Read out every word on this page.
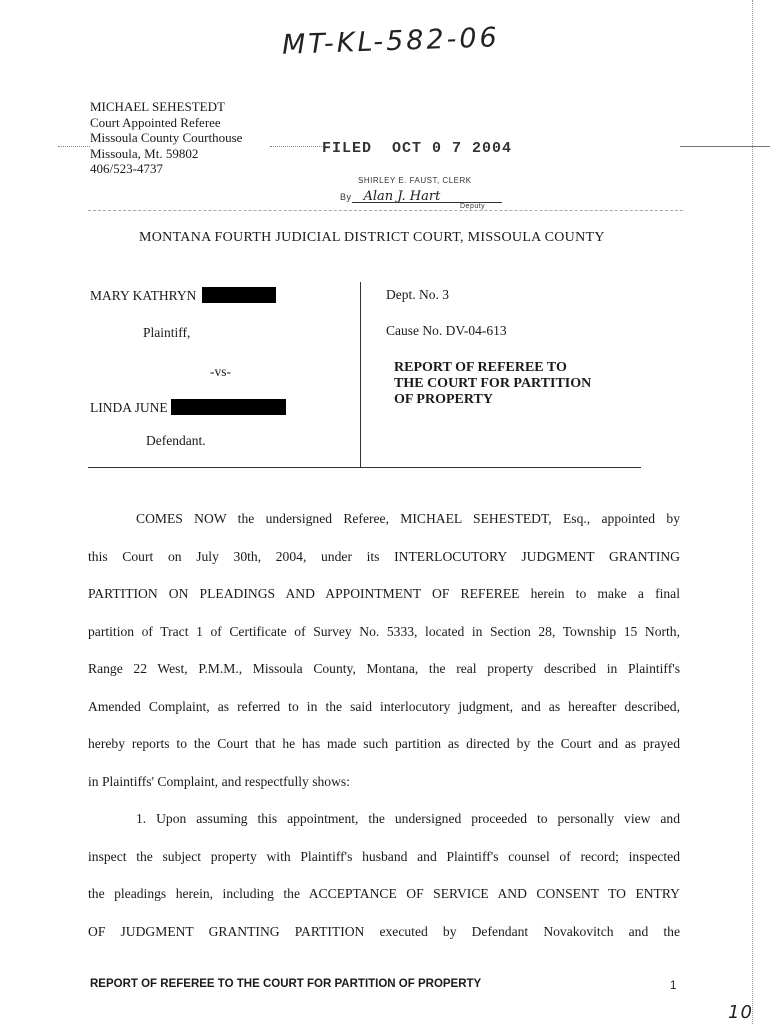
MT-KL-582-06
MICHAEL SEHESTEDT
Court Appointed Referee
Missoula County Courthouse
Missoula, Mt. 59802
406/523-4737
FILED OCT 0 7 2004
SHIRLEY E. FAUST, CLERK
By Alan J. Hart
Deputy
MONTANA FOURTH JUDICIAL DISTRICT COURT, MISSOULA COUNTY
MARY KATHRYN
Plaintiff,
-vs-
LINDA JUNE
Defendant.
Dept. No. 3
Cause No. DV-04-613
REPORT OF REFEREE TO
THE COURT FOR PARTITION
OF PROPERTY
COMES NOW the undersigned Referee, MICHAEL SEHESTEDT, Esq., appointed by
this Court on July 30th, 2004, under its INTERLOCUTORY JUDGMENT GRANTING
PARTITION ON PLEADINGS AND APPOINTMENT OF REFEREE herein to make a final
partition of Tract 1 of Certificate of Survey No. 5333, located in Section 28, Township 15 North,
Range 22 West, P.M.M., Missoula County, Montana, the real property described in Plaintiff's
Amended Complaint, as referred to in the said interlocutory judgment, and as hereafter described,
hereby reports to the Court that he has made such partition as directed by the Court and as prayed
in Plaintiffs' Complaint, and respectfully shows:
1. Upon assuming this appointment, the undersigned proceeded to personally view and
inspect the subject property with Plaintiff's husband and Plaintiff's counsel of record; inspected
the pleadings herein, including the ACCEPTANCE OF SERVICE AND CONSENT TO ENTRY
OF JUDGMENT GRANTING PARTITION executed by Defendant Novakovitch and the
REPORT OF REFEREE TO THE COURT FOR PARTITION OF PROPERTY	1
10
